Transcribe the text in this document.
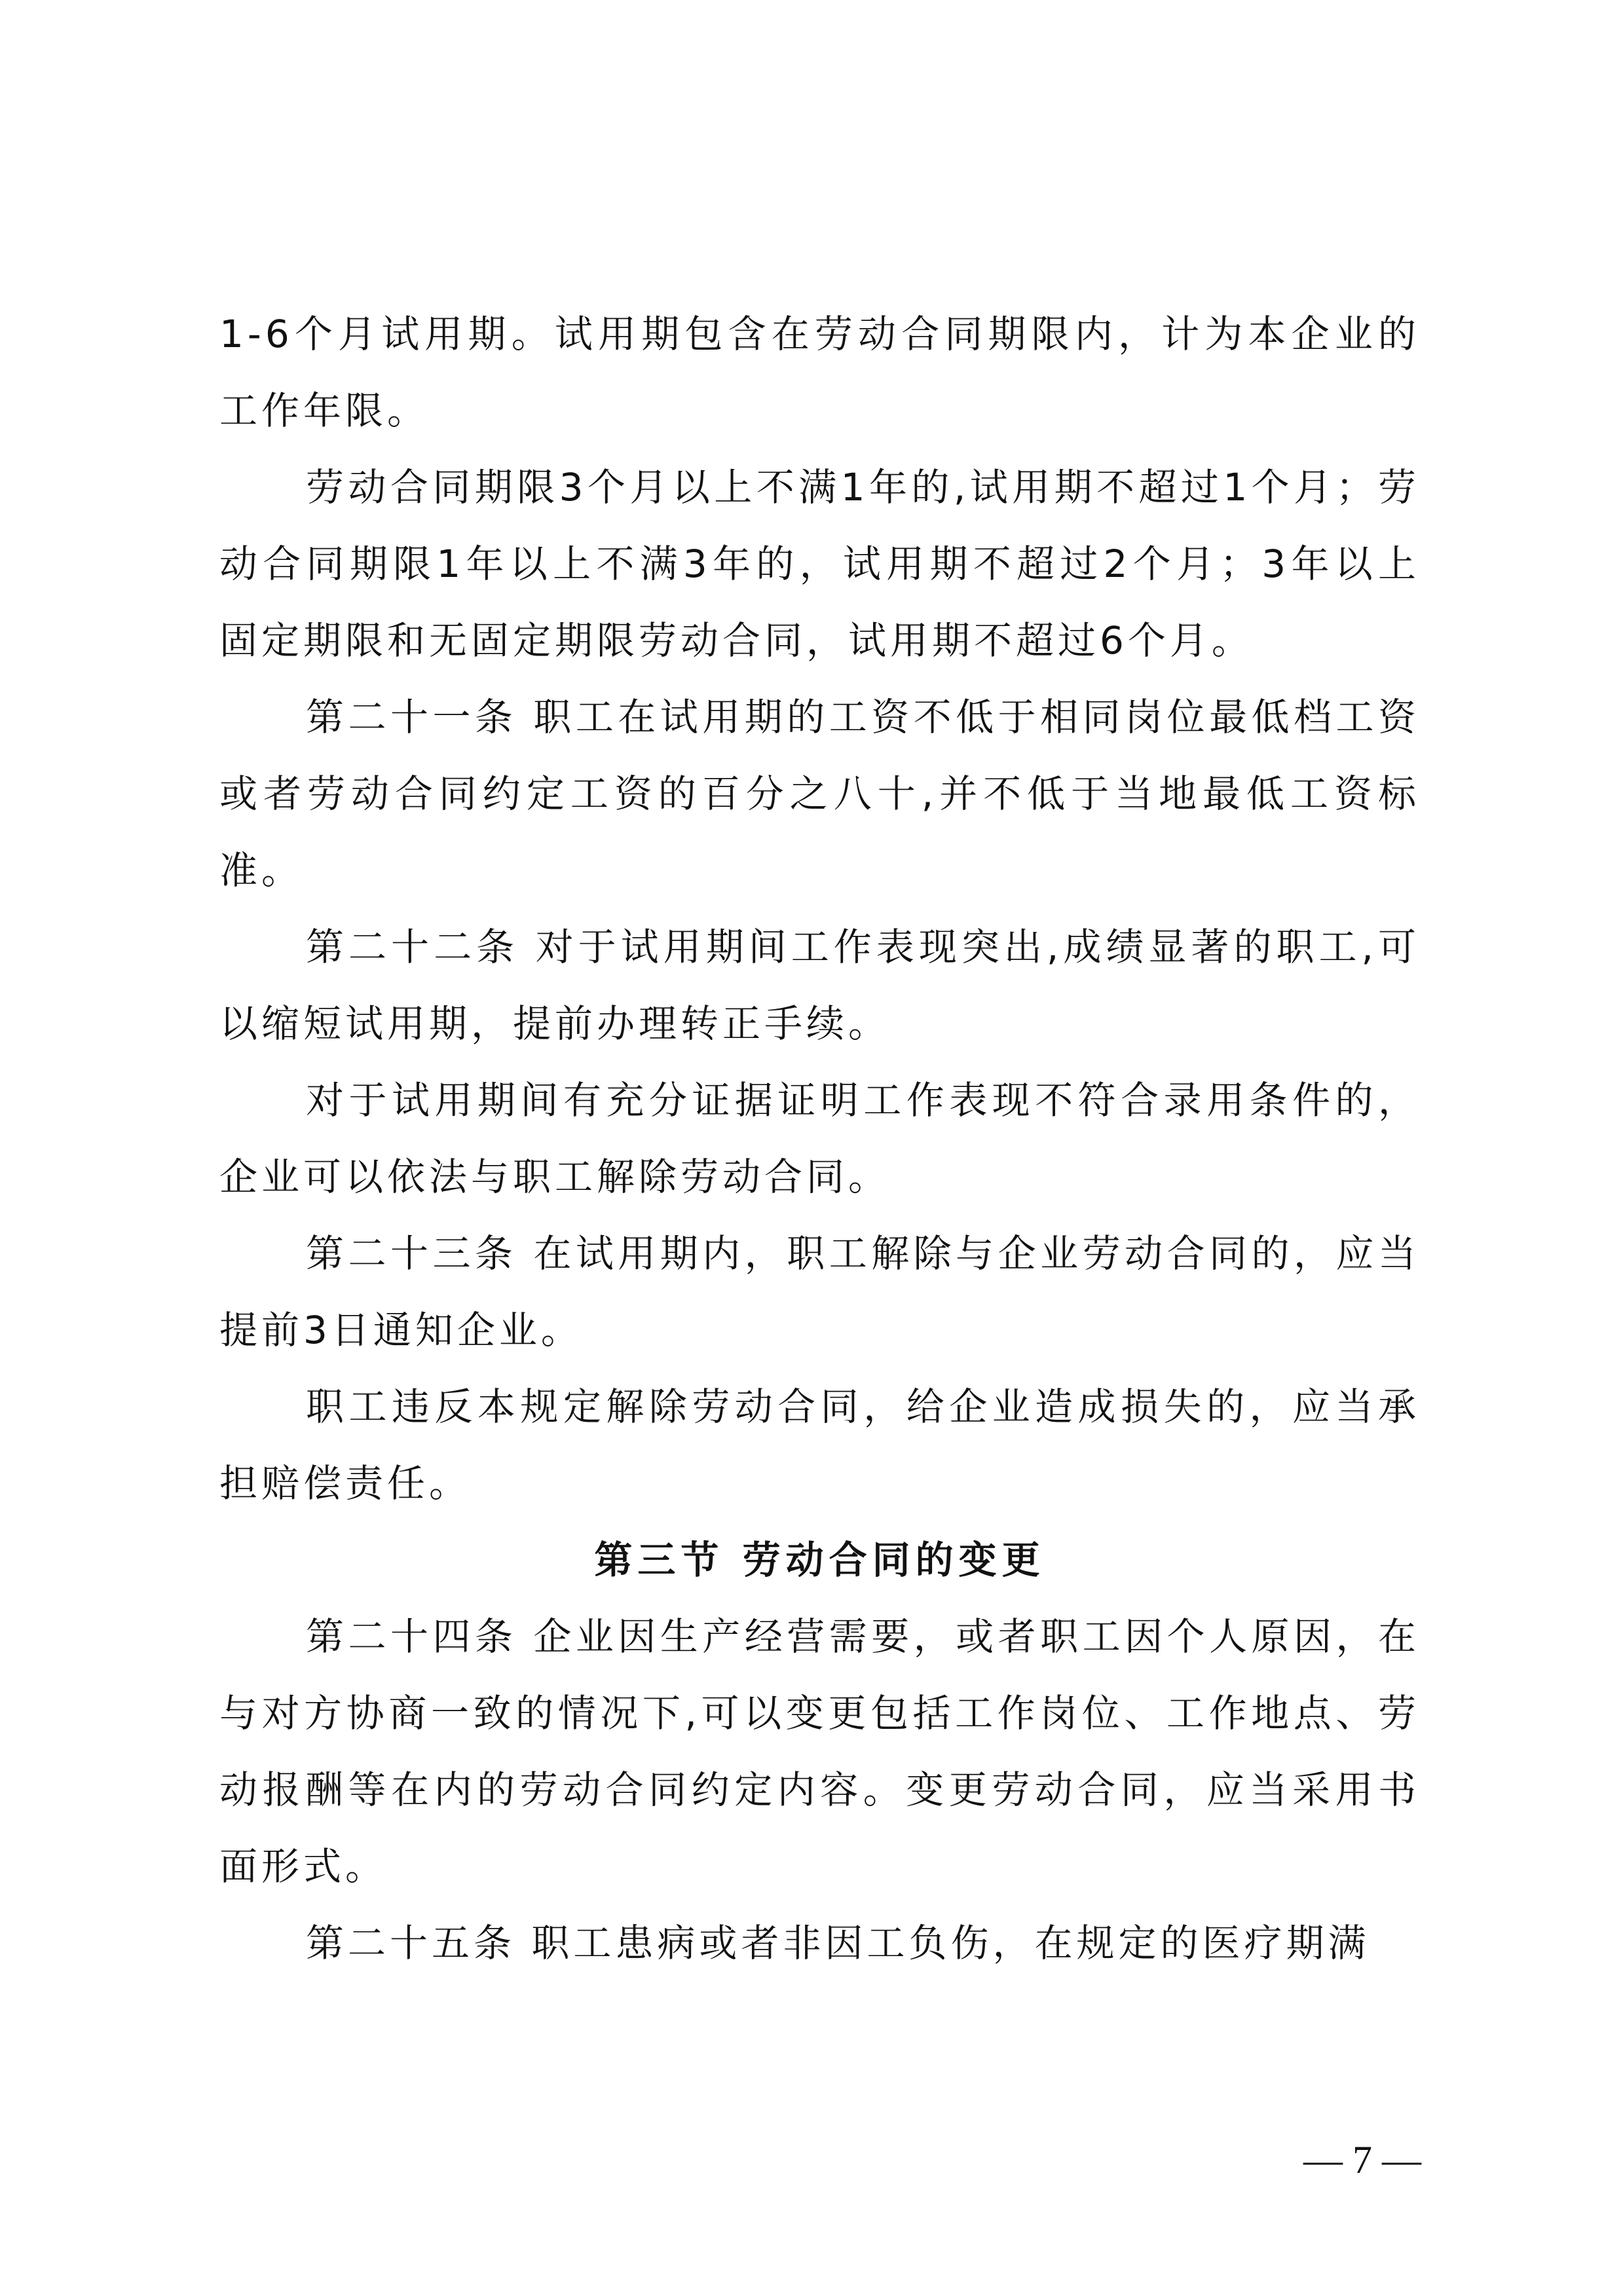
1-6个月试用期。试用期包含在劳动合同期限内，计为本企业的工作年限。

劳动合同期限3个月以上不满1年的,试用期不超过1个月；劳动合同期限1年以上不满3年的，试用期不超过2个月；3年以上固定期限和无固定期限劳动合同，试用期不超过6个月。

第二十一条 职工在试用期的工资不低于相同岗位最低档工资或者劳动合同约定工资的百分之八十,并不低于当地最低工资标准。

第二十二条 对于试用期间工作表现突出,成绩显著的职工,可以缩短试用期，提前办理转正手续。

对于试用期间有充分证据证明工作表现不符合录用条件的，企业可以依法与职工解除劳动合同。

第二十三条 在试用期内，职工解除与企业劳动合同的，应当提前3日通知企业。

职工违反本规定解除劳动合同，给企业造成损失的，应当承担赔偿责任。

第三节 劳动合同的变更

第二十四条 企业因生产经营需要，或者职工因个人原因，在与对方协商一致的情况下,可以变更包括工作岗位、工作地点、劳动报酬等在内的劳动合同约定内容。变更劳动合同，应当采用书面形式。

第二十五条 职工患病或者非因工负伤，在规定的医疗期满

— 7 —
